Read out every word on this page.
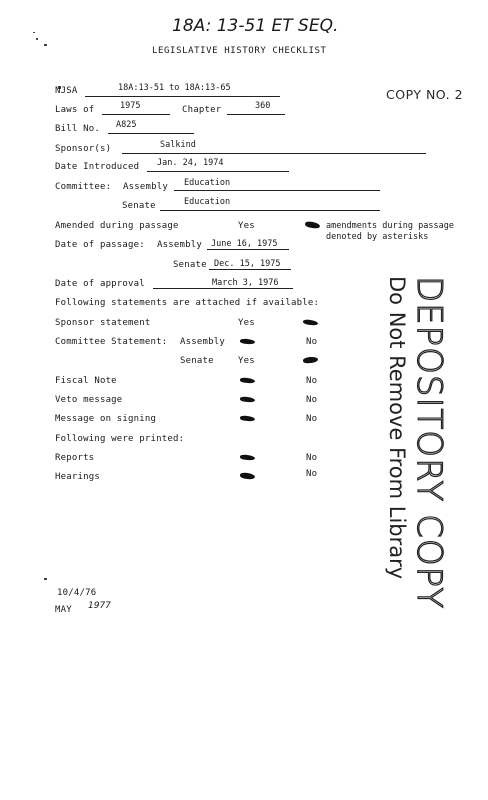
18A: 13-51 ET SEQ.
LEGISLATIVE HISTORY CHECKLIST
COPY NO. 2
NJSA	18A:13-51 to 18A:13-65
Laws of	1975	Chapter	360
Bill No. A825
Sponsor(s)	Salkind
Date Introduced Jan. 24, 1974
Committee: Assembly Education
Senate	Education
Amended during passage	Yes	amendments during passage
denoted by asterisks
Date of passage: Assembly June 16, 1975
Senate Dec. 15, 1975
Date of approval	March 3, 1976
Following statements are attached if available:
Sponsor statement	Yes
Committee Statement: Assembly	No
Senate	Yes
Fiscal Note	No
Veto message	No
Message on signing	No
Following were printed:
Reports	No
Hearings	No	DEPOSITORY COPY
Do Not Remove From Library
10/4/76
MAY 1977
